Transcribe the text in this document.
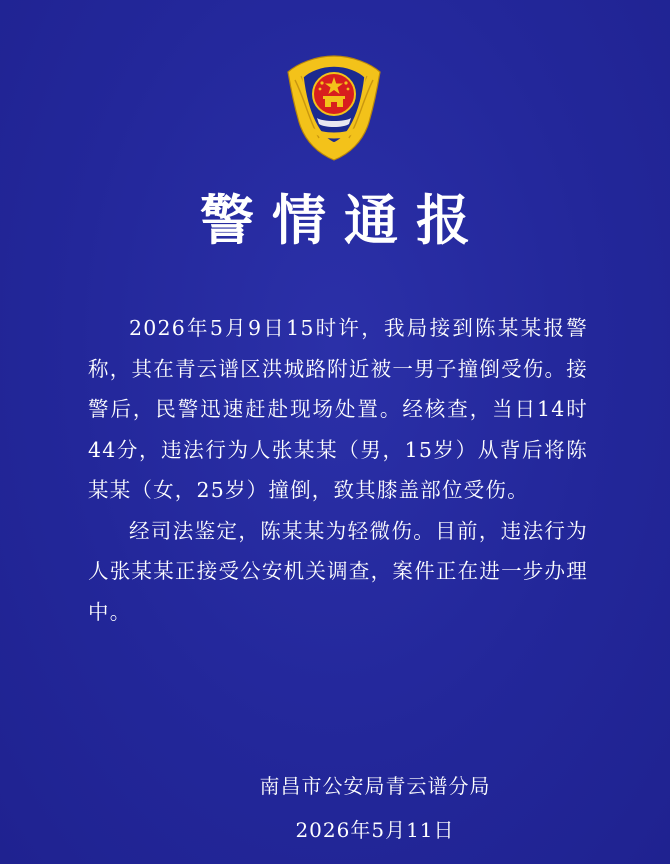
警情通报

2026年5月9日15时许，我局接到陈某某报警称，其在青云谱区洪城路附近被一男子撞倒受伤。接警后，民警迅速赶赴现场处置。经核查，当日14时44分，违法行为人张某某（男，15岁）从背后将陈某某（女，25岁）撞倒，致其膝盖部位受伤。

经司法鉴定，陈某某为轻微伤。目前，违法行为人张某某正接受公安机关调查，案件正在进一步办理中。

南昌市公安局青云谱分局
2026年5月11日
